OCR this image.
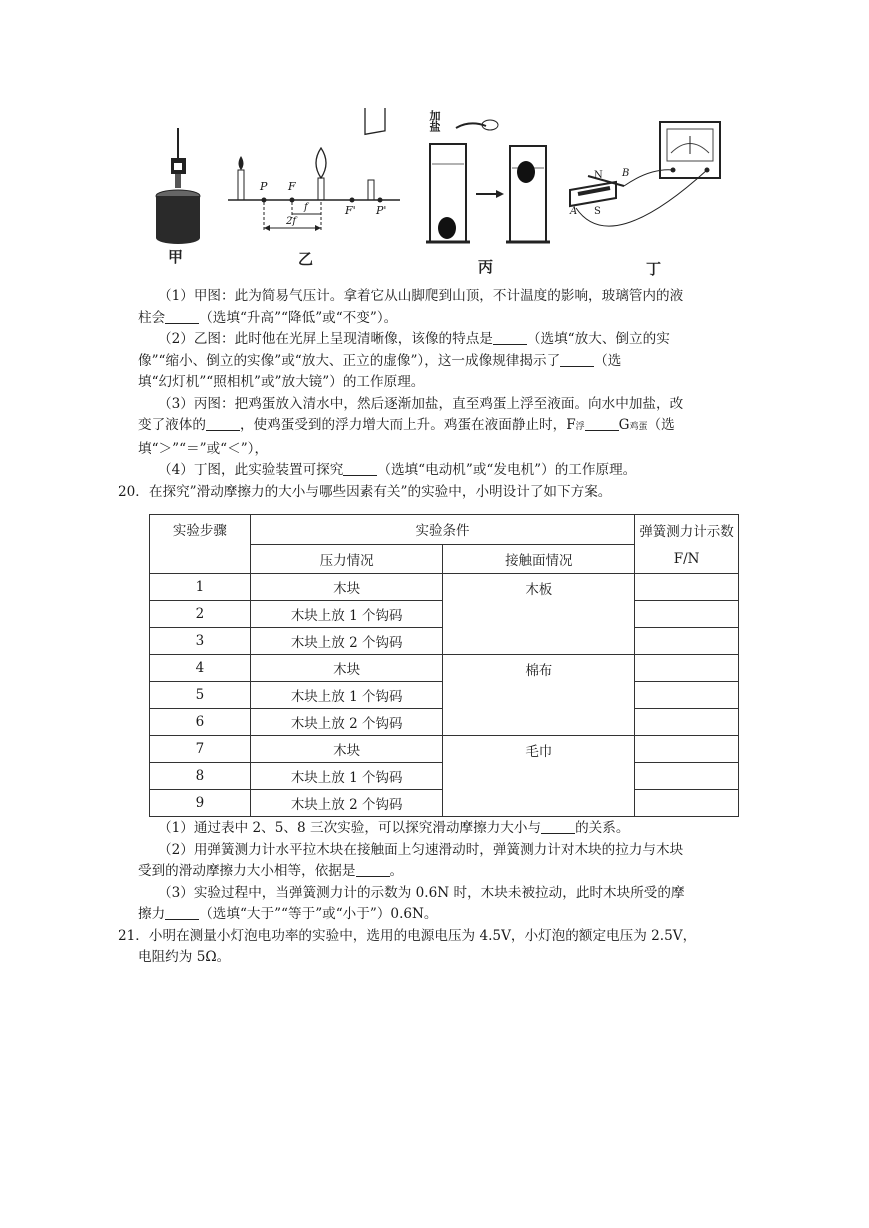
甲	乙	丙	丁
P F
F' P'
f
2f
加盐
N B
A S
（1）甲图：此为简易气压计。拿着它从山脚爬到山顶，不计温度的影响，玻璃管内的液
柱会	（选填“升高”“降低”或“不变”）。
（2）乙图：此时他在光屏上呈现清晰像，该像的特点是	（选填“放大、倒立的实
像”“缩小、倒立的实像”或“放大、正立的虚像”），这一成像规律揭示了	（选
填“幻灯机”“照相机”或”放大镜”）的工作原理。
（3）丙图：把鸡蛋放入清水中，然后逐渐加盐，直至鸡蛋上浮至液面。向水中加盐，改
变了液体的	，使鸡蛋受到的浮力增大而上升。鸡蛋在液面静止时，F浮	G鸡蛋（选
填“＞”“＝”或“＜”），
（4）丁图，此实验装置可探究	（选填“电动机”或“发电机”）的工作原理。
20．在探究”滑动摩擦力的大小与哪些因素有关”的实验中，小明设计了如下方案。
实验步骤	实验条件		弹簧测力计示数 F/N
	压力情况	接触面情况	
1	木块	木板	
2	木块上放 1 个钩码		
3	木块上放 2 个钩码		
4	木块	棉布	
5	木块上放 1 个钩码		
6	木块上放 2 个钩码		
7	木块	毛巾	
8	木块上放 1 个钩码		
9	木块上放 2 个钩码		
（1）通过表中 2、5、8 三次实验，可以探究滑动摩擦力大小与	的关系。
（2）用弹簧测力计水平拉木块在接触面上匀速滑动时，弹簧测力计对木块的拉力与木块
受到的滑动摩擦力大小相等，依据是	。
（3）实验过程中，当弹簧测力计的示数为 0.6N 时，木块未被拉动，此时木块所受的摩
擦力	（选填“大于”“等于”或“小于”）0.6N。
21．小明在测量小灯泡电功率的实验中，选用的电源电压为 4.5V，小灯泡的额定电压为 2.5V，
电阻约为 5Ω。
